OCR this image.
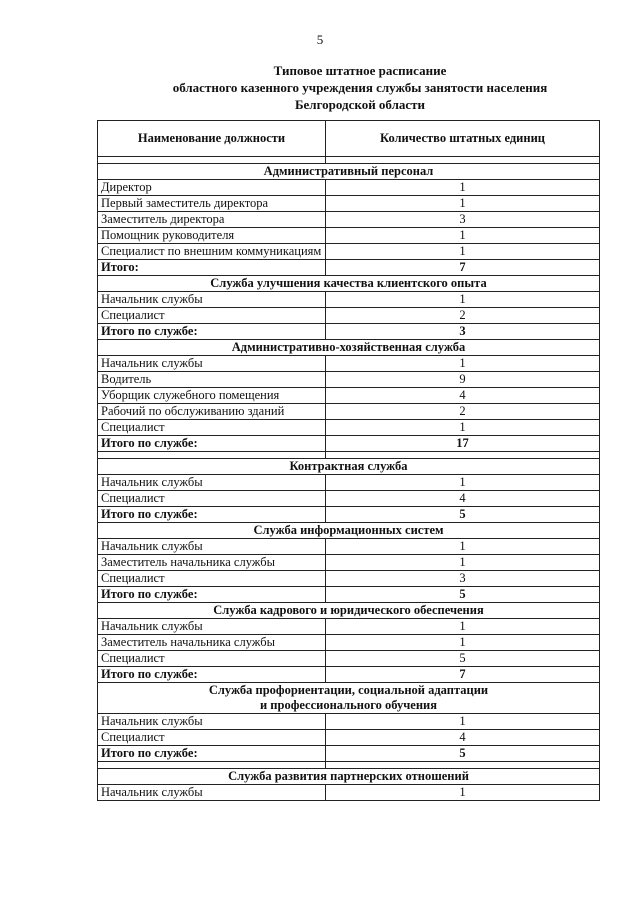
5
Типовое штатное расписание
областного казенного учреждения службы занятости населения
Белгородской области
Наименование должности	Количество штатных единиц

Административный персонал	
Директор	1
Первый заместитель директора	1
Заместитель директора	3
Помощник руководителя	1
Специалист по внешним коммуникациям	1
Итого:	7
Служба улучшения качества клиентского опыта	
Начальник службы	1
Специалист	2
Итого по службе:	3
Административно-хозяйственная служба	
Начальник службы	1
Водитель	9
Уборщик служебного помещения	4
Рабочий по обслуживанию зданий	2
Специалист	1
Итого по службе:	17

Контрактная служба	
Начальник службы	1
Специалист	4
Итого по службе:	5
Служба информационных систем	
Начальник службы	1
Заместитель начальника службы	1
Специалист	3
Итого по службе:	5
Служба кадрового и юридического обеспечения	
Начальник службы	1
Заместитель начальника службы	1
Специалист	5
Итого по службе:	7

Служба профориентации, социальной адаптации
и профессионального обучения	

Начальник службы	1
Специалист	4
Итого по службе:	5

Служба развития партнерских отношений	
Начальник службы	1
